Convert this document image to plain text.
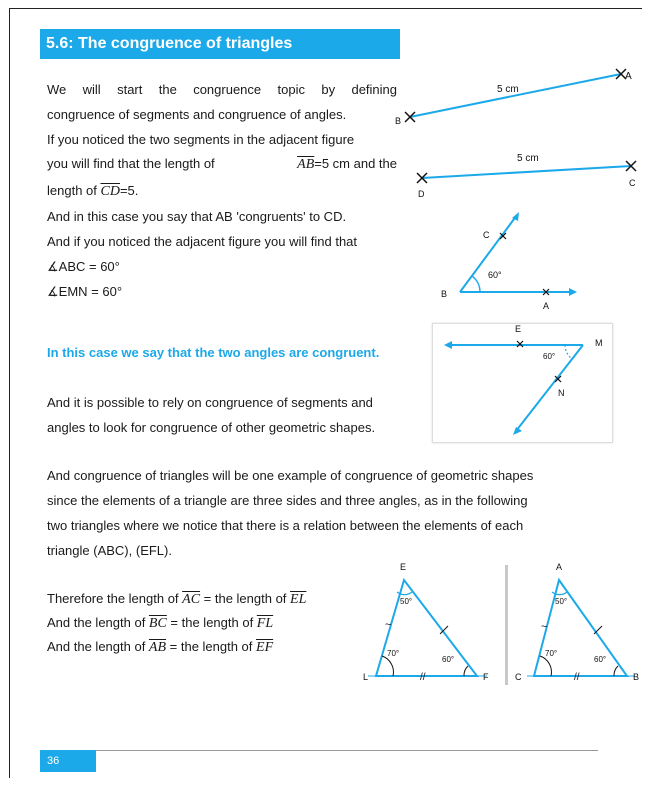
5.6: The congruence of triangles
We will start the congruence topic by defining
congruence of segments and congruence of angles.
If you noticed the two segments in the adjacent figure
you will find that the length of	$\overline{AB}=5$ cm and the
length of $\overline{CD}=5$.
And in this case you say that AB 'congruents' to CD.
And if you noticed the adjacent figure you will find that
∡ABC = 60°
∡EMN = 60°
In this case we say that the two angles are congruent.
And it is possible to rely on congruence of segments and
angles to look for congruence of other geometric shapes.
And congruence of triangles will be one example of congruence of geometric shapes
since the elements of a triangle are three sides and three angles, as in the following
two triangles where we notice that there is a relation between the elements of each
triangle (ABC), (EFL).
Therefore the length of $\overline{AC}$ = the length of $\overline{EL}$
And the length of $\overline{BC}$ = the length of $\overline{FL}$
And the length of $\overline{AB}$ = the length of $\overline{EF}$
B
A
5 cm
D
C
5 cm
C
B
A
60°
E
M
N
60°
E
L	F
50°
70°
60°
~
//
A
C	B
50°
70°
60°
~
//
36
